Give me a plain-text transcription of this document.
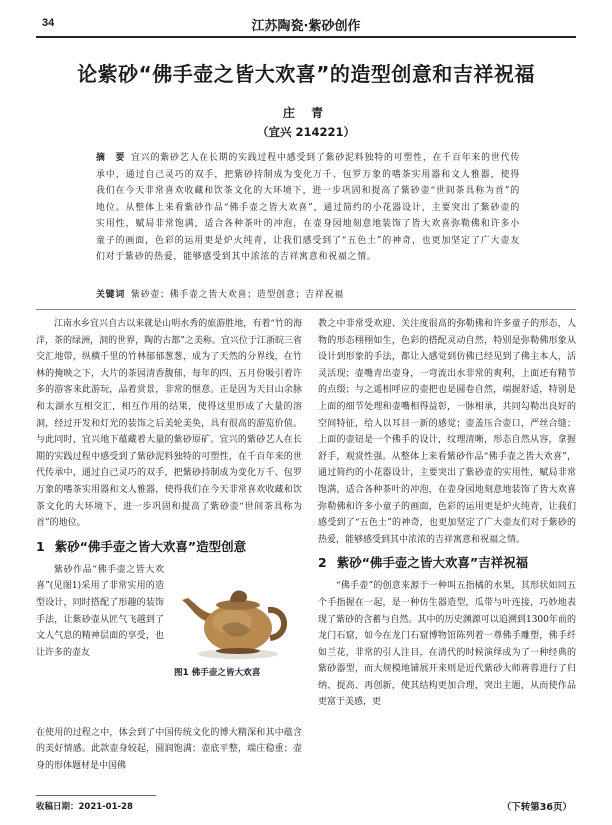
34	江苏陶瓷·紫砂创作
论紫砂“佛手壶之皆大欢喜”的造型创意和吉祥祝福
庄 青
（宜兴 214221）
摘　要 宜兴的紫砂艺人在长期的实践过程中感受到了紫砂泥料独特的可塑性，在千百年来的世代传承中，通过自己灵巧的双手，把紫砂持制成为变化万千、包罗万象的嗜茶实用器和文人雅器，使得我们在今天非常喜欢收藏和饮茶文化的大环境下，进一步巩固和提高了紫砂壶“世间茶具称为首”的地位。从整体上来看紫砂作品“佛手壶之皆大欢喜”，通过简约的小花器设计，主要突出了紫砂壶的实用性，赋局非常饱满，适合各种茶叶的冲泡，在壶身园地刻意地装饰了皆大欢喜弥勒佛和许多小童子的画面，色彩的运用更是炉火纯青，让我们感受到了“五色土”的神奇，也更加坚定了广大壶友们对于紫砂的热爱，能够感受到其中浓浓的吉祥寓意和祝福之情。
关键词 紫砂壶；佛手壶之皆大欢喜；造型创意；吉祥祝福

江南水乡宜兴自古以来就是山明水秀的旅游胜地，有着“竹的海洋，茶的绿洲，洞的世界，陶的古都”之美称。宜兴位于江浙皖三省交汇地带，纵横千里的竹林郁郁葱葱，成为了天然的分界线，在竹林的掩映之下，大片的茶园清香馥郁，每年的四、五月份吸引着许多的游客来此游玩，品着赏景，非常的惬意。正是因为天目山余脉和太湖水互相交汇，相互作用的结果，使得这里形成了大量的溶洞，经过开发和灯光的装饰之后美轮美奂，具有很高的游览价值。与此同时，宜兴地下蕴藏着大量的紫砂原矿。宜兴的紫砂艺人在长期的实践过程中感受到了紫砂泥料独特的可塑性，在千百年来的世代传承中，通过自己灵巧的双手，把紫砂持制成为变化万千、包罗万象的嗜茶实用器和文人雅器，使得我们在今天非常喜欢收藏和饮茶文化的大环境下，进一步巩固和提高了紫砂壶“世间茶具称为首”的地位。

1 紫砂“佛手壶之皆大欢喜”造型创意

紫砂作品“佛手壶之皆大欢喜”(见图1)采用了非常实用的造型设计，同时搭配了形趣的装饰手法，让紫砂壶从匠气飞越到了文人气息的精神层面的享受，也让许多的壶友

图1 佛手壶之皆大欢喜
在使用的过程之中，体会到了中国传统文化的博大精深和其中蕴含的美好情感。此款壶身较起，圆润饱满；壶底平整，端庄稳重；壶身的形体题材是中国佛

教之中非常受欢迎、关注度很高的弥勒佛和许多童子的形态，人物的形态栩栩如生，色彩的搭配灵动自然，特别是弥勒佛形象从设计到形象的手法，都让人感觉到仿佛已经见到了佛主本人，活灵活现；壶嘴青出壶身，一弯流出水非常的爽利，上面还有精节的点缀；与之遥相呼应的壶把也是圆卷自然，端握舒适，特别是上面的细节处理和壶嘴相得益彰，一脉相承，共同勾勒出良好的空间特征，给人以耳目一新的感觉；壶盖压合壶口，严丝合缝；上面的壶钮是一个佛手的设计，纹理清晰，形态自然从容，拿握舒手，观赏性强。从整体上来看紫砂作品“佛手壶之皆大欢喜”，通过简约的小花器设计，主要突出了紫砂壶的实用性，赋局非常饱满，适合各种茶叶的冲泡，在壶身园地刻意地装饰了皆大欢喜弥勒佛和许多小童子的画面，色彩的运用更是炉火纯青，让我们感受到了“五色土”的神奇，也更加坚定了广大壶友们对于紫砂的热爱，能够感受到其中浓浓的吉祥寓意和祝福之情。

2 紫砂“佛手壶之皆大欢喜”吉祥祝福

“佛手壶”的创意来源于一种叫五指橘的水果，其形状如同五个手指握在一起，是一种仿生器造型，瓜带与叶连接，巧妙地表现了紫砂的含蓄与自然。其中的历史渊源可以追溯到1300年前的龙门石窟，如今在龙门石窟博物馆陈列着一尊佛手雕塑，佛手纤如兰花，非常的引人注目，在清代的时候演绎成为了一种经典的紫砂器型，而大规模地铺展开来则是近代紫砂大师蒋蓉进行了归纳、提高、再创新，使其结构更加合理，突出主题，从而使作品更富于美感，更

收稿日期：2021-01-28	（下转第36页）
